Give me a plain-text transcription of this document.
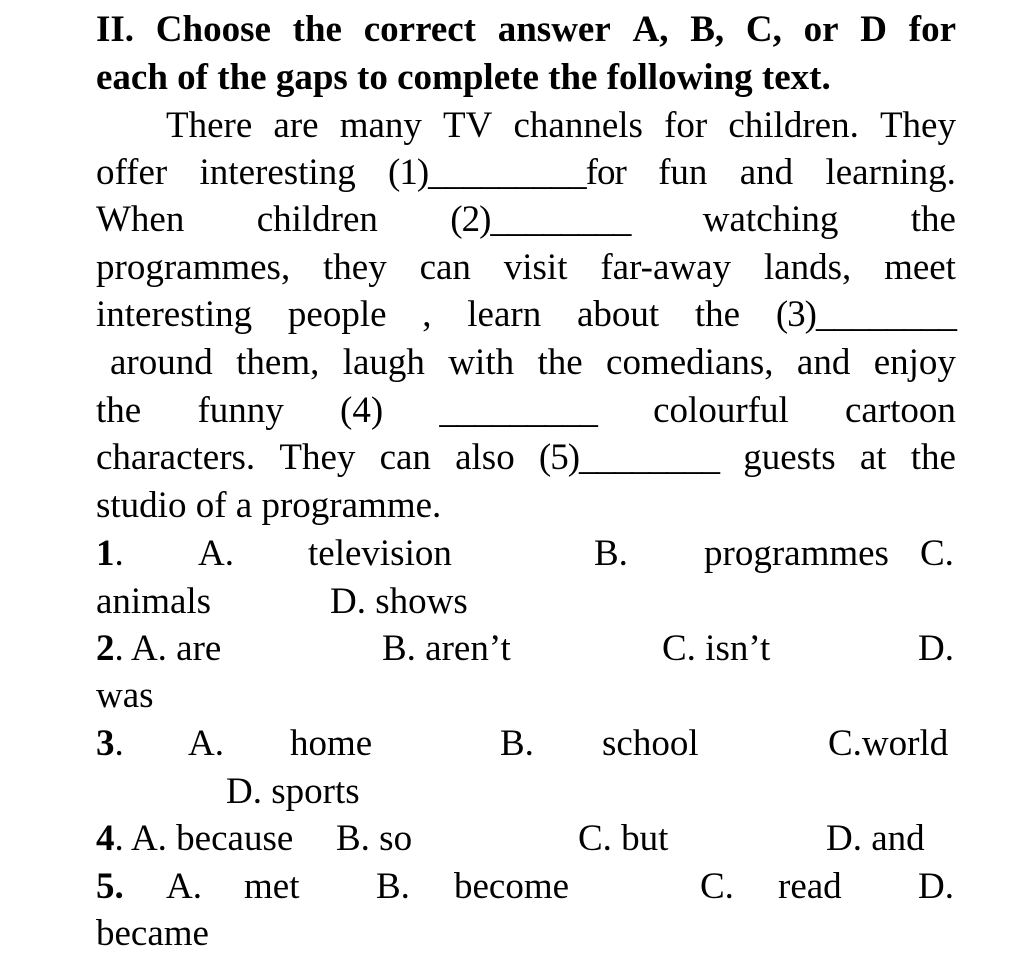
II. Choose the correct answer A, B, C, or D for
each of the gaps to complete the following text.
There are many TV channels for children. They
offer interesting (1)_________for fun and learning.
When children (2)________ watching the
programmes, they can visit far-away lands, meet
interesting people , learn about the (3)________
around them, laugh with the comedians, and enjoy
the funny (4) _________ colourful cartoon
characters. They can also (5)________ guests at the
studio of a programme.
1. A. television	B. programmes C.
animals	D. shows
2. A. are	B. aren’t	C. isn’t	D.
was
3. A. home	B. school	C.world
D. sports
4. A. because B. so	C. but	D. and
5. A. met B. become	C. read D.
became
